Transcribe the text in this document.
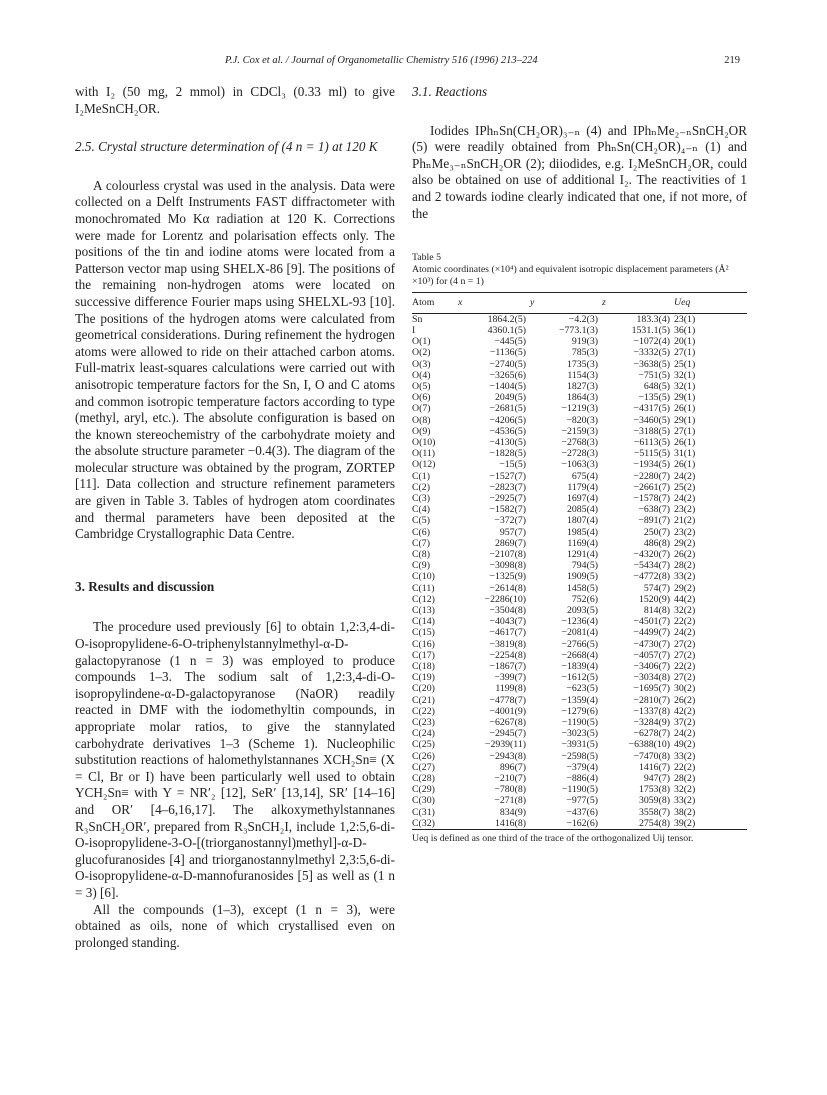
P.J. Cox et al. / Journal of Organometallic Chemistry 516 (1996) 213–224	219

with I₂ (50 mg, 2 mmol) in CDCl₃ (0.33 ml) to give I₂MeSnCH₂OR.

2.5. Crystal structure determination of (4 n = 1) at 120 K

A colourless crystal was used in the analysis. Data were collected on a Delft Instruments FAST diffractometer with monochromated Mo Kα radiation at 120 K. Corrections were made for Lorentz and polarisation effects only. The positions of the tin and iodine atoms were located from a Patterson vector map using SHELX-86 [9]. The positions of the remaining non-hydrogen atoms were located on successive difference Fourier maps using SHELXL-93 [10]. The positions of the hydrogen atoms were calculated from geometrical considerations. During refinement the hydrogen atoms were allowed to ride on their attached carbon atoms. Full-matrix least-squares calculations were carried out with anisotropic temperature factors for the Sn, I, O and C atoms and common isotropic temperature factors according to type (methyl, aryl, etc.). The absolute configuration is based on the known stereochemistry of the carbohydrate moiety and the absolute structure parameter −0.4(3). The diagram of the molecular structure was obtained by the program, ZORTEP [11]. Data collection and structure refinement parameters are given in Table 3. Tables of hydrogen atom coordinates and thermal parameters have been deposited at the Cambridge Crystallographic Data Centre.

3. Results and discussion

The procedure used previously [6] to obtain 1,2:3,4-di-O-isopropylidene-6-O-triphenylstannylmethyl-α-D-galactopyranose (1 n = 3) was employed to produce compounds 1–3. The sodium salt of 1,2:3,4-di-O-isopropylindene-α-D-galactopyranose (NaOR) readily reacted in DMF with the iodomethyltin compounds, in appropriate molar ratios, to give the stannylated carbohydrate derivatives 1–3 (Scheme 1). Nucleophilic substitution reactions of halomethylstannanes XCH₂Sn≡ (X = Cl, Br or I) have been particularly well used to obtain YCH₂Sn≡ with Y = NR′₂ [12], SeR′ [13,14], SR′ [14–16] and OR′ [4–6,16,17]. The alkoxymethylstannanes R₃SnCH₂OR′, prepared from R₃SnCH₂I, include 1,2:5,6-di-O-isopropylidene-3-O-[(triorganostannyl)methyl]-α-D-glucofuranosides [4] and triorganostannylmethyl 2,3:5,6-di-O-isopropylidene-α-D-mannofuranosides [5] as well as (1 n = 3) [6].

All the compounds (1–3), except (1 n = 3), were obtained as oils, none of which crystallised even on prolonged standing.

3.1. Reactions

Iodides IPhₙSn(CH₂OR)₃₋ₙ (4) and IPhₙMe₂₋ₙSnCH₂OR (5) were readily obtained from PhₙSn(CH₂OR)₄₋ₙ (1) and PhₙMe₃₋ₙSnCH₂OR (2); diiodides, e.g. I₂MeSnCH₂OR, could also be obtained on use of additional I₂. The reactivities of 1 and 2 towards iodine clearly indicated that one, if not more, of the

Table 5
Atomic coordinates (×10⁴) and equivalent isotropic displacement parameters (Å² ×10³) for (4 n = 1)
Atom	x	y	z	Ueq
Sn	1864.2(5)	−4.2(3)	183.3(4)	23(1)
I	4360.1(5)	−773.1(3)	1531.1(5)	36(1)
O(1)	−445(5)	919(3)	−1072(4)	20(1)
O(2)	−1136(5)	785(3)	−3332(5)	27(1)
O(3)	−2740(5)	1735(3)	−3638(5)	25(1)
O(4)	−3265(6)	1154(3)	−751(5)	32(1)
O(5)	−1404(5)	1827(3)	648(5)	32(1)
O(6)	2049(5)	1864(3)	−135(5)	29(1)
O(7)	−2681(5)	−1219(3)	−4317(5)	26(1)
O(8)	−4206(5)	−820(3)	−3460(5)	29(1)
O(9)	−4536(5)	−2159(3)	−3188(5)	27(1)
O(10)	−4130(5)	−2768(3)	−6113(5)	26(1)
O(11)	−1828(5)	−2728(3)	−5115(5)	31(1)
O(12)	−15(5)	−1063(3)	−1934(5)	26(1)
C(1)	−1527(7)	675(4)	−2280(7)	24(2)
C(2)	−2823(7)	1179(4)	−2661(7)	25(2)
C(3)	−2925(7)	1697(4)	−1578(7)	24(2)
C(4)	−1582(7)	2085(4)	−638(7)	23(2)
C(5)	−372(7)	1807(4)	−891(7)	21(2)
C(6)	957(7)	1985(4)	250(7)	23(2)
C(7)	2869(7)	1169(4)	486(8)	29(2)
C(8)	−2107(8)	1291(4)	−4320(7)	26(2)
C(9)	−3098(8)	794(5)	−5434(7)	28(2)
C(10)	−1325(9)	1909(5)	−4772(8)	33(2)
C(11)	−2614(8)	1458(5)	574(7)	29(2)
C(12)	−2286(10)	752(6)	1520(9)	44(2)
C(13)	−3504(8)	2093(5)	814(8)	32(2)
C(14)	−4043(7)	−1236(4)	−4501(7)	22(2)
C(15)	−4617(7)	−2081(4)	−4499(7)	24(2)
C(16)	−3819(8)	−2766(5)	−4730(7)	27(2)
C(17)	−2254(8)	−2668(4)	−4057(7)	27(2)
C(18)	−1867(7)	−1839(4)	−3406(7)	22(2)
C(19)	−399(7)	−1612(5)	−3034(8)	27(2)
C(20)	1199(8)	−623(5)	−1695(7)	30(2)
C(21)	−4778(7)	−1359(4)	−2810(7)	26(2)
C(22)	−4001(9)	−1279(6)	−1337(8)	42(2)
C(23)	−6267(8)	−1190(5)	−3284(9)	37(2)
C(24)	−2945(7)	−3023(5)	−6278(7)	24(2)
C(25)	−2939(11)	−3931(5)	−6388(10)	49(2)
C(26)	−2943(8)	−2598(5)	−7470(8)	33(2)
C(27)	896(7)	−379(4)	1416(7)	22(2)
C(28)	−210(7)	−886(4)	947(7)	28(2)
C(29)	−780(8)	−1190(5)	1753(8)	32(2)
C(30)	−271(8)	−977(5)	3059(8)	33(2)
C(31)	834(9)	−437(6)	3558(7)	38(2)
C(32)	1416(8)	−162(6)	2754(8)	39(2)
Ueq is defined as one third of the trace of the orthogonalized Uij tensor.
